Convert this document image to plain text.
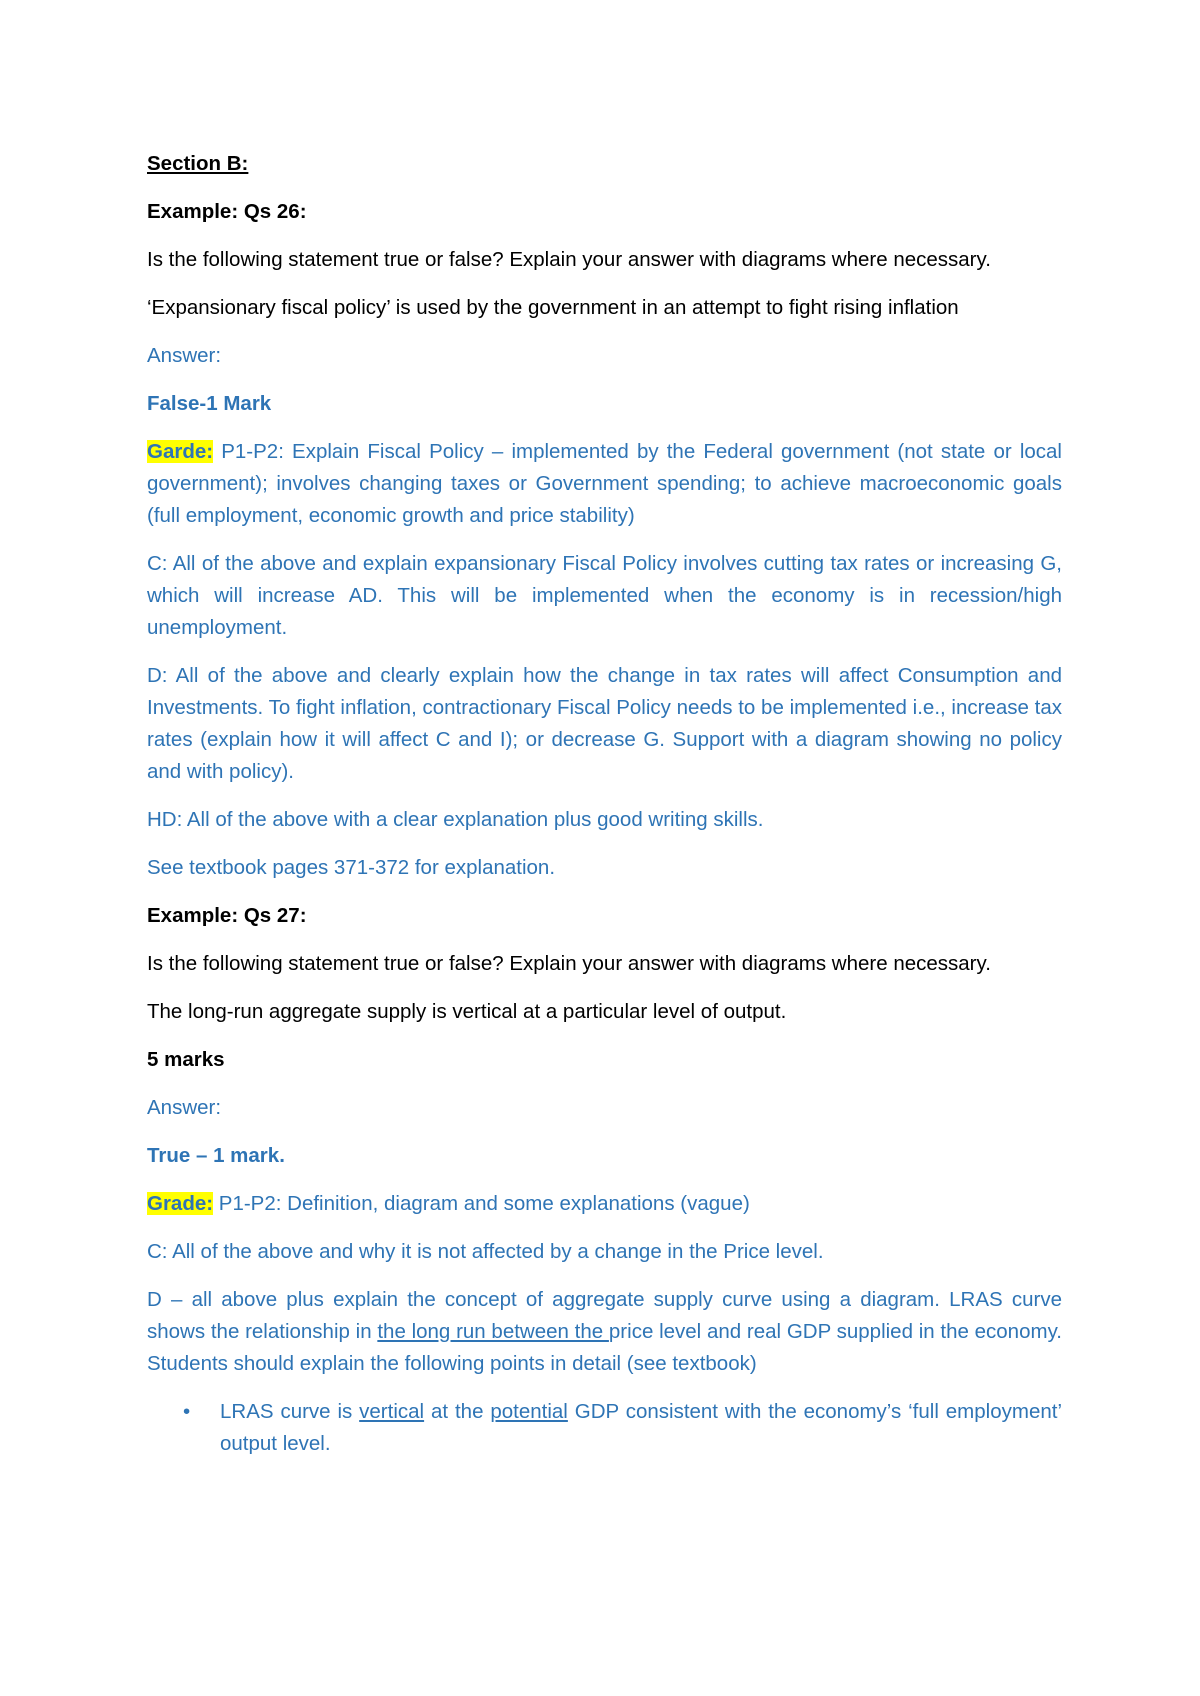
Section B:

Example: Qs 26:

Is the following statement true or false? Explain your answer with diagrams where necessary.

‘Expansionary fiscal policy’ is used by the government in an attempt to fight rising inflation

Answer:

False-1 Mark

Garde: P1-P2: Explain Fiscal Policy – implemented by the Federal government (not state or local government); involves changing taxes or Government spending; to achieve macroeconomic goals (full employment, economic growth and price stability)

C: All of the above and explain expansionary Fiscal Policy involves cutting tax rates or increasing G, which will increase AD. This will be implemented when the economy is in recession/high unemployment.

D: All of the above and clearly explain how the change in tax rates will affect Consumption and Investments. To fight inflation, contractionary Fiscal Policy needs to be implemented i.e., increase tax rates (explain how it will affect C and I); or decrease G. Support with a diagram showing no policy and with policy).

HD: All of the above with a clear explanation plus good writing skills.

See textbook pages 371-372 for explanation.

Example: Qs 27:

Is the following statement true or false? Explain your answer with diagrams where necessary.

The long-run aggregate supply is vertical at a particular level of output.

5 marks

Answer:

True – 1 mark.

Grade: P1-P2: Definition, diagram and some explanations (vague)

C: All of the above and why it is not affected by a change in the Price level.

D – all above plus explain the concept of aggregate supply curve using a diagram. LRAS curve shows the relationship in the long run between the price level and real GDP supplied in the economy. Students should explain the following points in detail (see textbook)

• LRAS curve is vertical at the potential GDP consistent with the economy’s ‘full employment’ output level.
